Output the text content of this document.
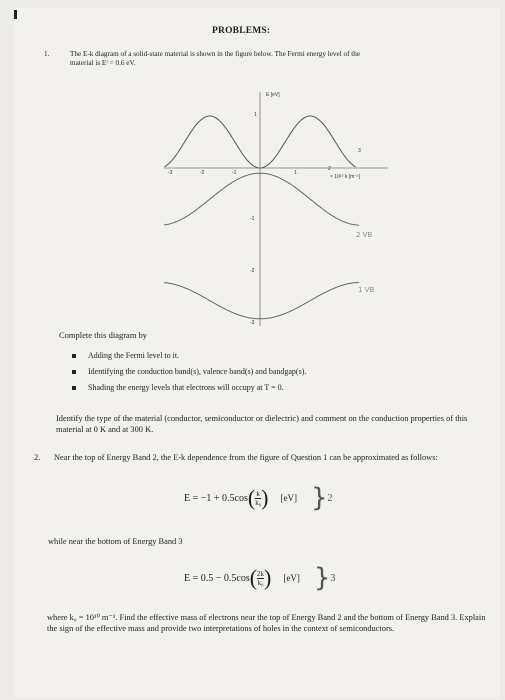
PROBLEMS:
1.	The E-k diagram of a solid-state material is shown in the figure below. The Fermi energy level of the
material is Eᶠ = 0.6 eV.
E [eV]
× 10¹⁰ k [m⁻¹]
-3	-2	-1	1
2
3
1
-1
-2
-3
2 VB
1 VB
Complete this diagram by
Adding the Fermi level to it.
Identifying the conduction band(s), valence band(s) and bandgap(s).
Shading the energy levels that electrons will occupy at T = 0.
Identify the type of the material (conductor, semiconductor or dielectric) and comment on the conduction properties of this material at 0 K and at 300 K.
2. Near the top of Energy Band 2, the E-k dependence from the figure of Question 1 can be approximated as follows:
E = −1 + 0.5cos ( $\frac{k}{\text{k₀}}$ ) [eV] } 2
while near the bottom of Energy Band 3
E = 0.5 − 0.5cos ( $\frac{2k}{\text{k₀}}$ ) [eV] } 3
where k₀ = 10¹⁰ m⁻¹. Find the effective mass of electrons near the top of Energy Band 2 and the bottom of Energy Band 3. Explain the sign of the effective mass and provide two interpretations of holes in the context of semiconductors.
